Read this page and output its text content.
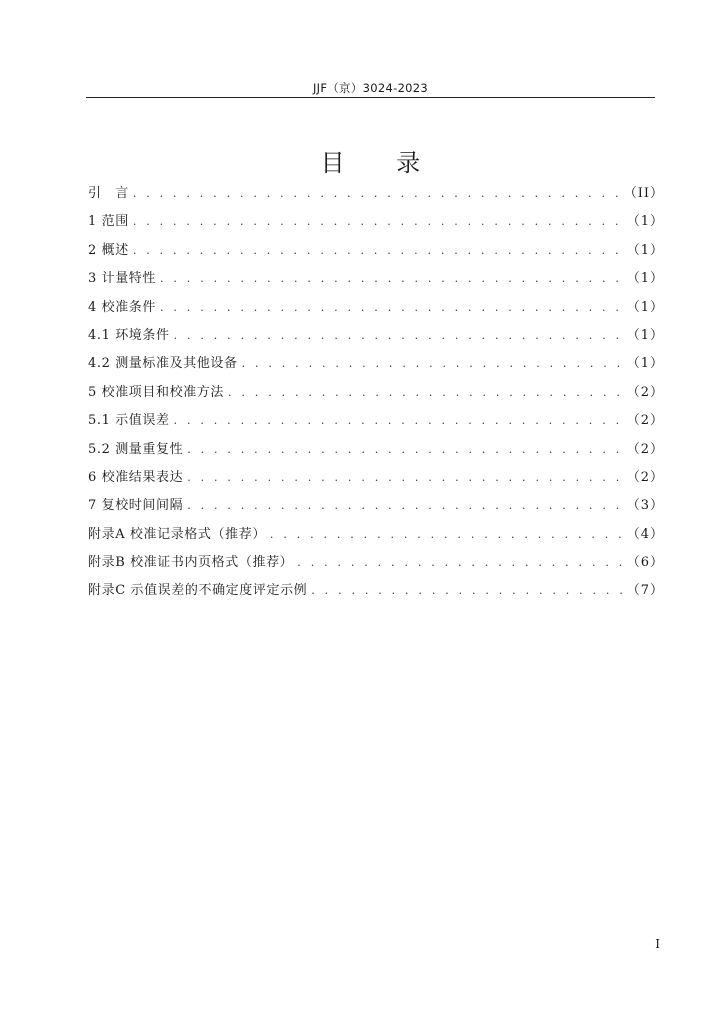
JJF（京）3024-2023
目 录
引　言 . . .	（II）
1 范围 . . .	（1）
2 概述 . . .	（1）
3 计量特性 . . .	（1）
4 校准条件 . . .	（1）
4.1 环境条件 . . .	（1）
4.2 测量标准及其他设备 . . .	（1）
5 校准项目和校准方法 . . .	（2）
5.1 示值误差 . . .	（2）
5.2 测量重复性 . . .	（2）
6 校准结果表达 . . .	（2）
7 复校时间间隔 . . .	（3）
附录A 校准记录格式（推荐） . . .	（4）
附录B 校准证书内页格式（推荐） . . .	（6）
附录C 示值误差的不确定度评定示例 . . .	（7）
I
